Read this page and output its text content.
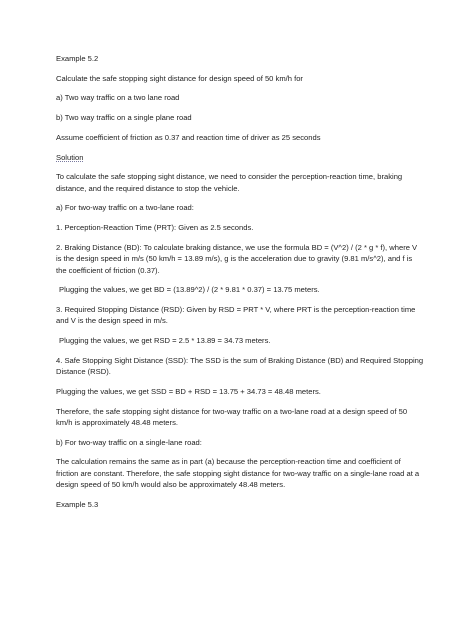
Example 5.2

Calculate the safe stopping sight distance for design speed of 50 km/h for

a) Two way traffic on a two lane road

b) Two way traffic on a single plane road

Assume coefficient of friction as 0.37 and reaction time of driver as 25 seconds

Solution

To calculate the safe stopping sight distance, we need to consider the perception-reaction time, braking distance, and the required distance to stop the vehicle.

a) For two-way traffic on a two-lane road:

1. Perception-Reaction Time (PRT): Given as 2.5 seconds.

2. Braking Distance (BD): To calculate braking distance, we use the formula BD = (V^2) / (2 * g * f), where V is the design speed in m/s (50 km/h = 13.89 m/s), g is the acceleration due to gravity (9.81 m/s^2), and f is the coefficient of friction (0.37).

Plugging the values, we get BD = (13.89^2) / (2 * 9.81 * 0.37) = 13.75 meters.

3. Required Stopping Distance (RSD): Given by RSD = PRT * V, where PRT is the perception-reaction time and V is the design speed in m/s.

Plugging the values, we get RSD = 2.5 * 13.89 = 34.73 meters.

4. Safe Stopping Sight Distance (SSD): The SSD is the sum of Braking Distance (BD) and Required Stopping Distance (RSD).

Plugging the values, we get SSD = BD + RSD = 13.75 + 34.73 = 48.48 meters.

Therefore, the safe stopping sight distance for two-way traffic on a two-lane road at a design speed of 50 km/h is approximately 48.48 meters.

b) For two-way traffic on a single-lane road:

The calculation remains the same as in part (a) because the perception-reaction time and coefficient of friction are constant. Therefore, the safe stopping sight distance for two-way traffic on a single-lane road at a design speed of 50 km/h would also be approximately 48.48 meters.

Example 5.3
